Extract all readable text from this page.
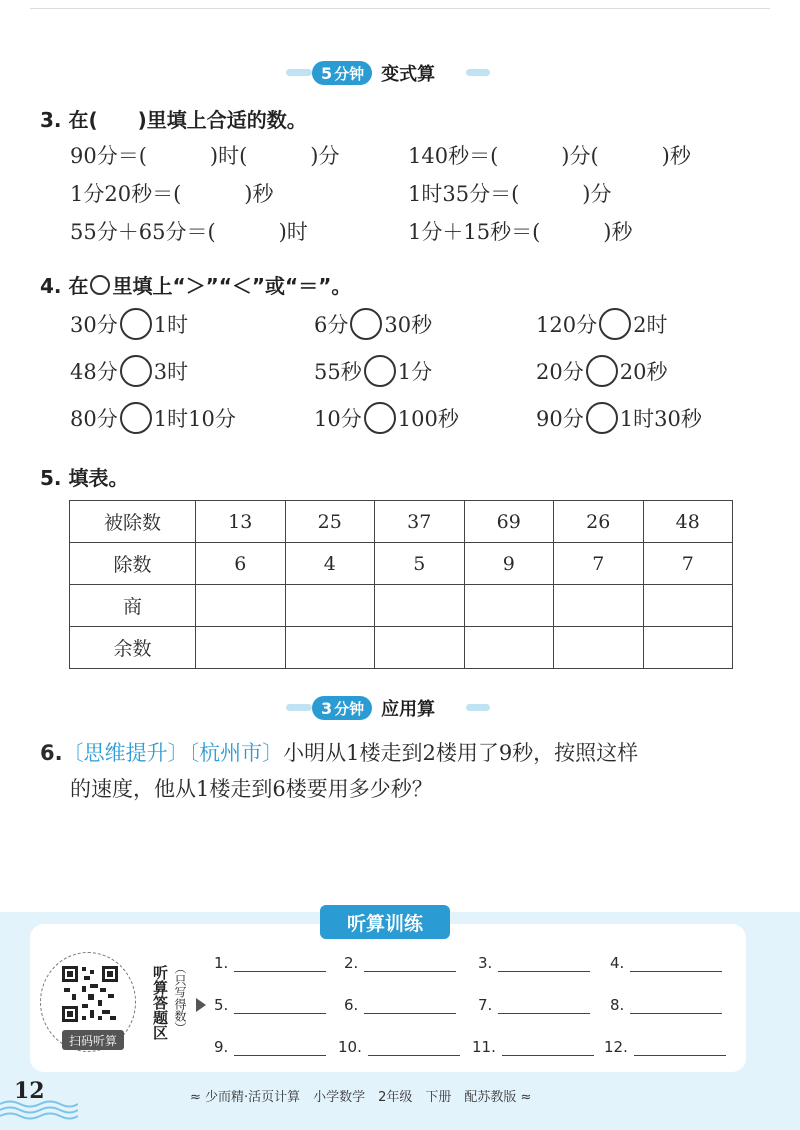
5 分钟 变式算
3. 在(　　)里填上合适的数。
90分＝(　　　)时(　　　)分	140秒＝(　　　)分(　　　)秒
1分20秒＝(　　　)秒	1时35分＝(　　　)分
55分＋65分＝(　　　)时	1分＋15秒＝(　　　)秒
4. 在 里填上“＞”“＜”或“＝”。
30分 1时	6分 30秒	120分 2时
48分 3时	55秒 1分	20分 20秒
80分 1时10分	10分 100秒	90分 1时30秒
5. 填表。
被除数	13	25	37	69	26	48
除数	6	4	5	9	7	7
商						
余数						
3 分钟 应用算
6.〔思维提升〕〔杭州市〕小明从1楼走到2楼用了9秒，按照这样
的速度，他从1楼走到6楼要用多少秒？
听算训练
扫码听算
听算答题区 （只写得数） 1.	2.	3.	4.
5.	6.	7.	8.
9.	10.	11.	12.
12	≈ 少而精·活页计算　小学数学　2年级　下册　配苏教版 ≈
